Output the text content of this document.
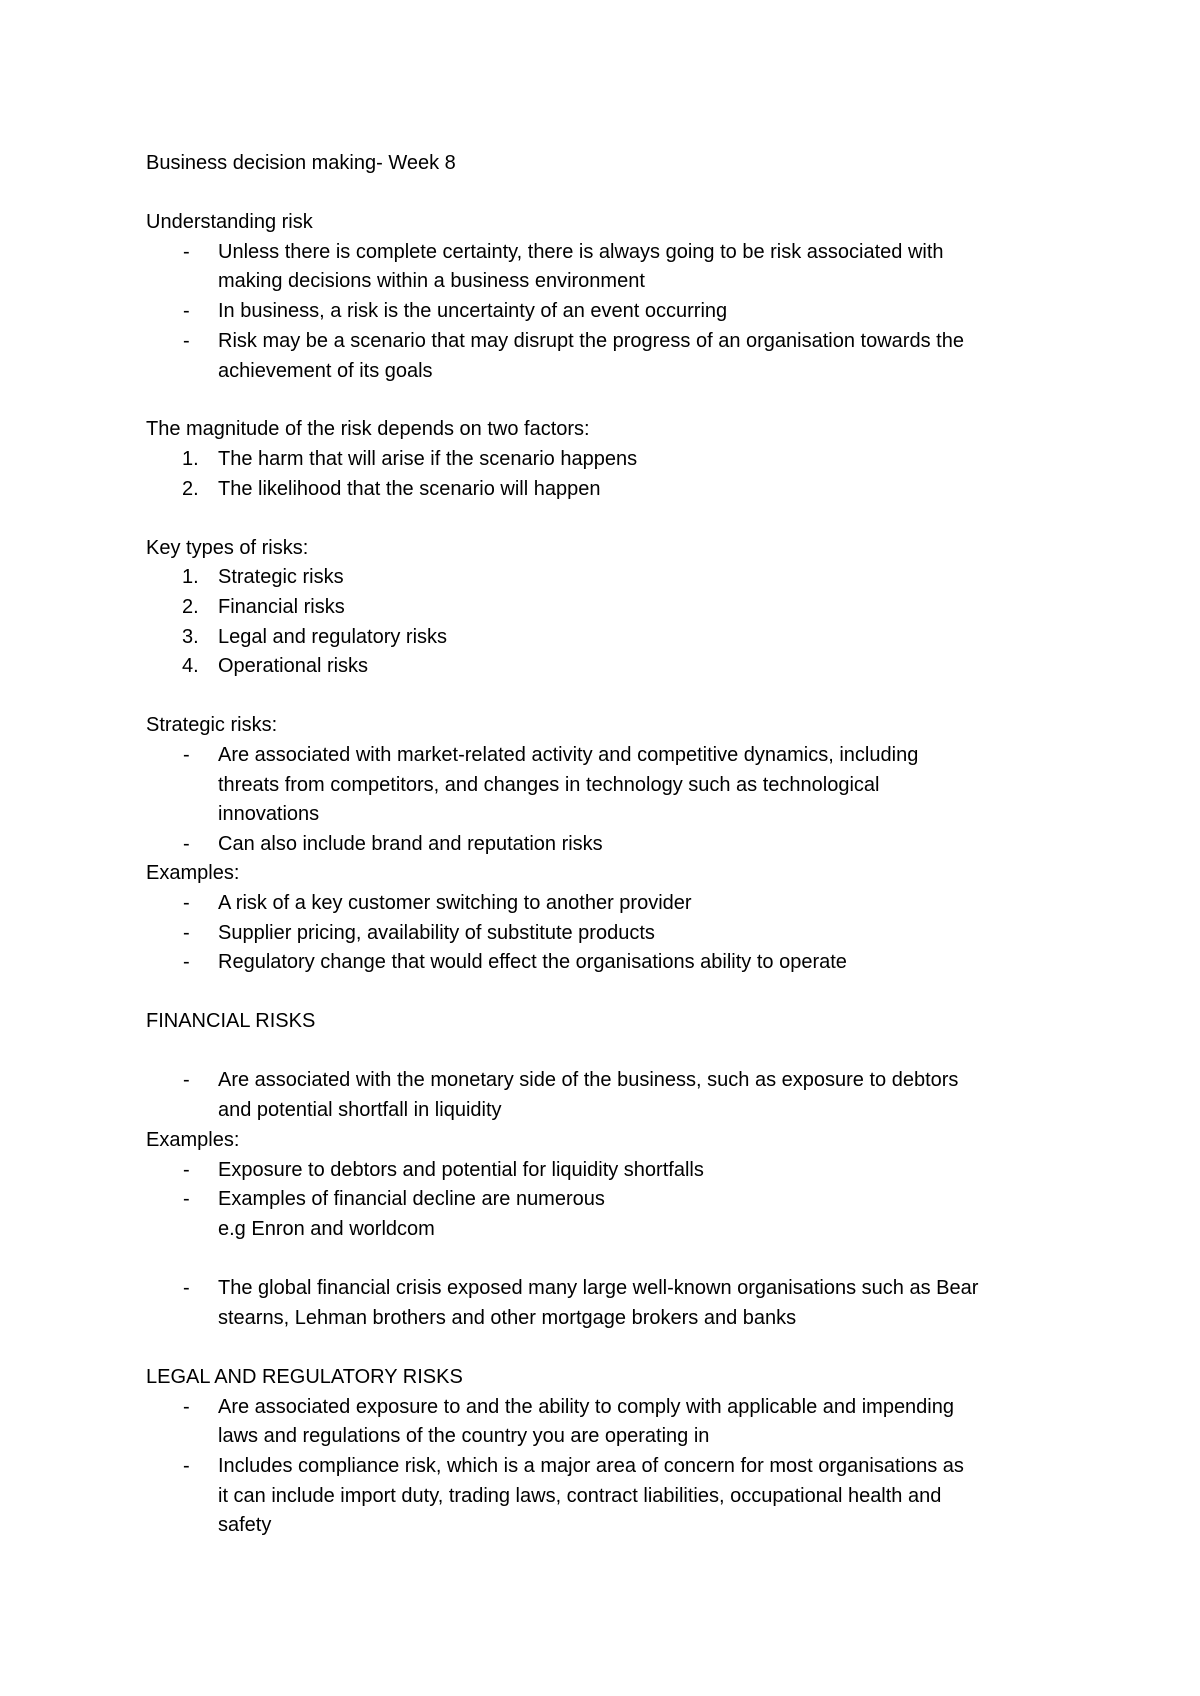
Business decision making- Week 8
Understanding risk
- Unless there is complete certainty, there is always going to be risk associated with
making decisions within a business environment
- In business, a risk is the uncertainty of an event occurring
- Risk may be a scenario that may disrupt the progress of an organisation towards the
achievement of its goals
The magnitude of the risk depends on two factors:
1. The harm that will arise if the scenario happens
2. The likelihood that the scenario will happen
Key types of risks:
1. Strategic risks
2. Financial risks
3. Legal and regulatory risks
4. Operational risks
Strategic risks:
- Are associated with market-related activity and competitive dynamics, including
threats from competitors, and changes in technology such as technological
innovations
- Can also include brand and reputation risks
Examples:
- A risk of a key customer switching to another provider
- Supplier pricing, availability of substitute products
- Regulatory change that would effect the organisations ability to operate
FINANCIAL RISKS
- Are associated with the monetary side of the business, such as exposure to debtors
and potential shortfall in liquidity
Examples:
- Exposure to debtors and potential for liquidity shortfalls
- Examples of financial decline are numerous
e.g Enron and worldcom
- The global financial crisis exposed many large well-known organisations such as Bear
stearns, Lehman brothers and other mortgage brokers and banks
LEGAL AND REGULATORY RISKS
- Are associated exposure to and the ability to comply with applicable and impending
laws and regulations of the country you are operating in
- Includes compliance risk, which is a major area of concern for most organisations as
it can include import duty, trading laws, contract liabilities, occupational health and
safety
